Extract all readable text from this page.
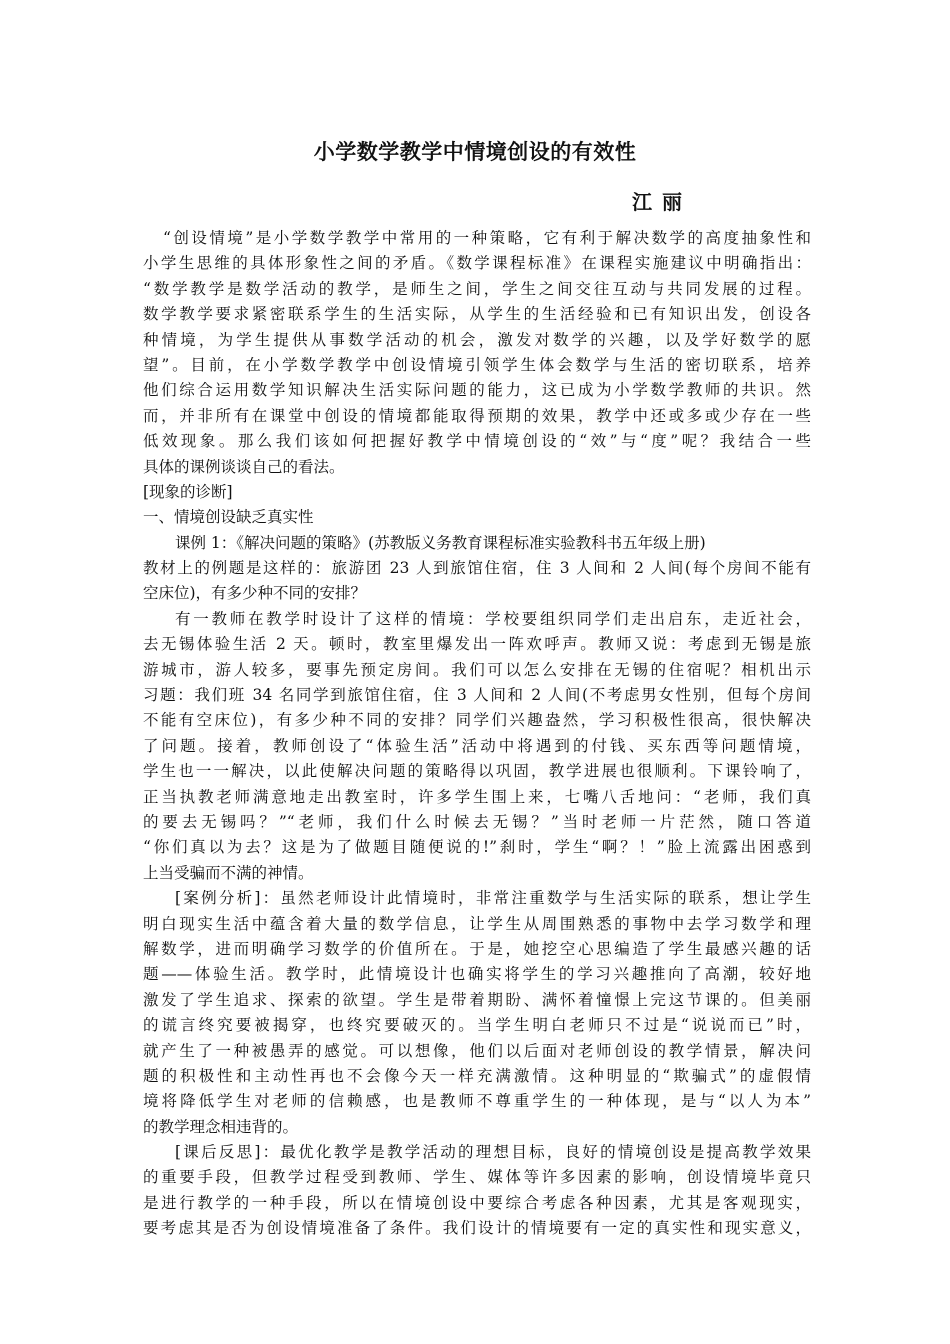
小学数学教学中情境创设的有效性
江丽
“创设情境”是小学数学教学中常用的一种策略，它有利于解决数学的高度抽象性和
小学生思维的具体形象性之间的矛盾。《数学课程标准》在课程实施建议中明确指出：
“数学教学是数学活动的教学，是师生之间，学生之间交往互动与共同发展的过程。
数学教学要求紧密联系学生的生活实际，从学生的生活经验和已有知识出发，创设各
种情境，为学生提供从事数学活动的机会，激发对数学的兴趣，以及学好数学的愿
望”。目前，在小学数学教学中创设情境引领学生体会数学与生活的密切联系，培养
他们综合运用数学知识解决生活实际问题的能力，这已成为小学数学教师的共识。然
而，并非所有在课堂中创设的情境都能取得预期的效果，教学中还或多或少存在一些
低效现象。那么我们该如何把握好教学中情境创设的“效”与“度”呢？我结合一些
具体的课例谈谈自己的看法。
[现象的诊断]
一、情境创设缺乏真实性
课例 1：《解决问题的策略》(苏教版义务教育课程标准实验教科书五年级上册)
教材上的例题是这样的：旅游团 23 人到旅馆住宿，住 3 人间和 2 人间(每个房间不能有
空床位)，有多少种不同的安排？
有一教师在教学时设计了这样的情境：学校要组织同学们走出启东，走近社会，
去无锡体验生活 2 天。顿时，教室里爆发出一阵欢呼声。教师又说：考虑到无锡是旅
游城市，游人较多，要事先预定房间。我们可以怎么安排在无锡的住宿呢？相机出示
习题：我们班 34 名同学到旅馆住宿，住 3 人间和 2 人间(不考虑男女性别，但每个房间
不能有空床位)，有多少种不同的安排？同学们兴趣盎然，学习积极性很高，很快解决
了问题。接着，教师创设了“体验生活”活动中将遇到的付钱、买东西等问题情境，
学生也一一解决，以此使解决问题的策略得以巩固，教学进展也很顺利。下课铃响了，
正当执教老师满意地走出教室时，许多学生围上来，七嘴八舌地问：“老师，我们真
的要去无锡吗？”“老师，我们什么时候去无锡？”当时老师一片茫然，随口答道
“你们真以为去？这是为了做题目随便说的!”刹时，学生“啊？！”脸上流露出困惑到
上当受骗而不满的神情。
[案例分析]：虽然老师设计此情境时，非常注重数学与生活实际的联系，想让学生
明白现实生活中蕴含着大量的数学信息，让学生从周围熟悉的事物中去学习数学和理
解数学，进而明确学习数学的价值所在。于是，她挖空心思编造了学生最感兴趣的话
题——体验生活。教学时，此情境设计也确实将学生的学习兴趣推向了高潮，较好地
激发了学生追求、探索的欲望。学生是带着期盼、满怀着憧憬上完这节课的。但美丽
的谎言终究要被揭穿，也终究要破灭的。当学生明白老师只不过是“说说而已”时，
就产生了一种被愚弄的感觉。可以想像，他们以后面对老师创设的教学情景，解决问
题的积极性和主动性再也不会像今天一样充满激情。这种明显的“欺骗式”的虚假情
境将降低学生对老师的信赖感，也是教师不尊重学生的一种体现，是与“以人为本”
的教学理念相违背的。
[课后反思]：最优化教学是教学活动的理想目标，良好的情境创设是提高教学效果
的重要手段，但教学过程受到教师、学生、媒体等许多因素的影响，创设情境毕竟只
是进行教学的一种手段，所以在情境创设中要综合考虑各种因素，尤其是客观现实，
要考虑其是否为创设情境准备了条件。我们设计的情境要有一定的真实性和现实意义，
